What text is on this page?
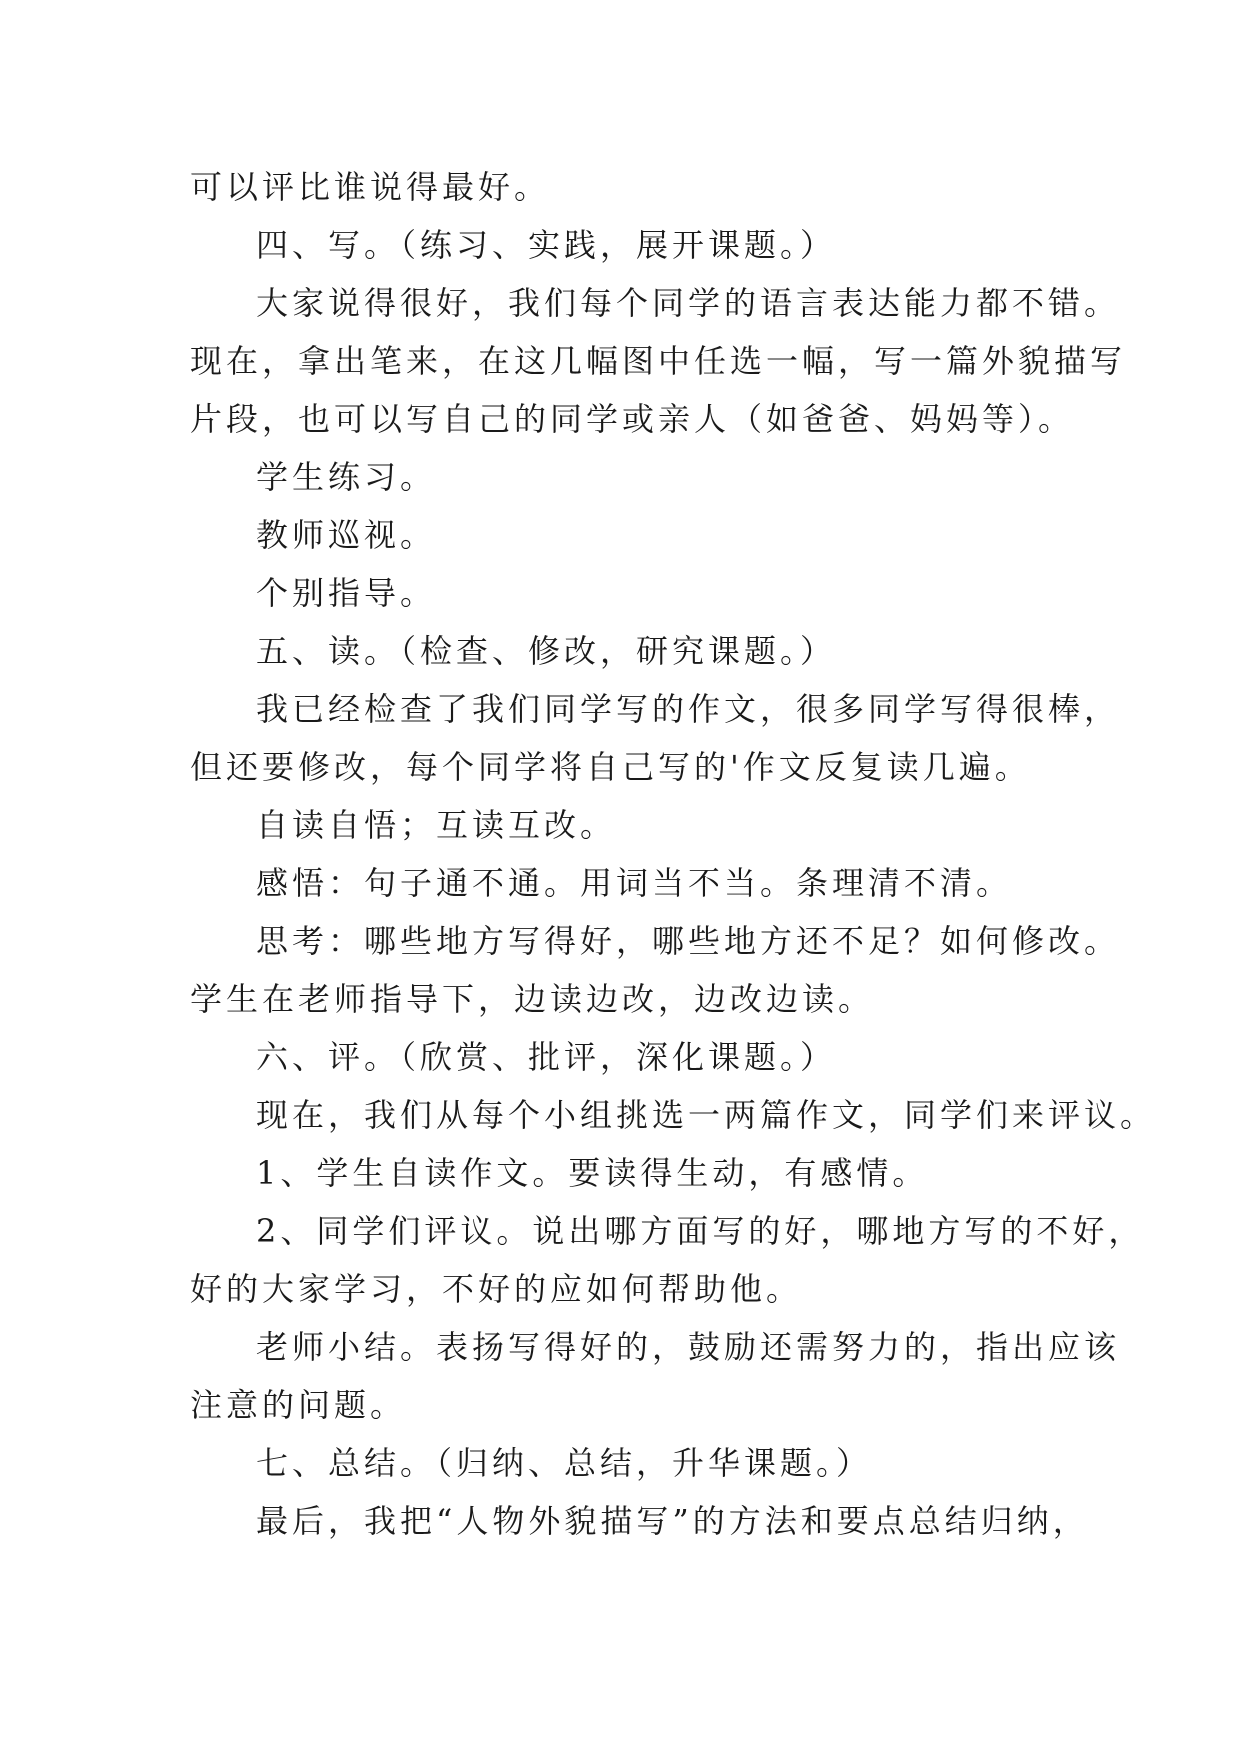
可以评比谁说得最好。
四、写。（练习、实践，展开课题。）
大家说得很好，我们每个同学的语言表达能力都不错。
现在，拿出笔来，在这几幅图中任选一幅，写一篇外貌描写
片段，也可以写自己的同学或亲人（如爸爸、妈妈等）。
学生练习。
教师巡视。
个别指导。
五、读。（检查、修改，研究课题。）
我已经检查了我们同学写的作文，很多同学写得很棒，
但还要修改，每个同学将自己写的'作文反复读几遍。
自读自悟；互读互改。
感悟：句子通不通。用词当不当。条理清不清。
思考：哪些地方写得好，哪些地方还不足？如何修改。
学生在老师指导下，边读边改，边改边读。
六、评。（欣赏、批评，深化课题。）
现在，我们从每个小组挑选一两篇作文，同学们来评议。
1、学生自读作文。要读得生动，有感情。
2、同学们评议。说出哪方面写的好，哪地方写的不好，
好的大家学习，不好的应如何帮助他。
老师小结。表扬写得好的，鼓励还需努力的，指出应该
注意的问题。
七、总结。（归纳、总结，升华课题。）
最后，我把“人物外貌描写”的方法和要点总结归纳，
